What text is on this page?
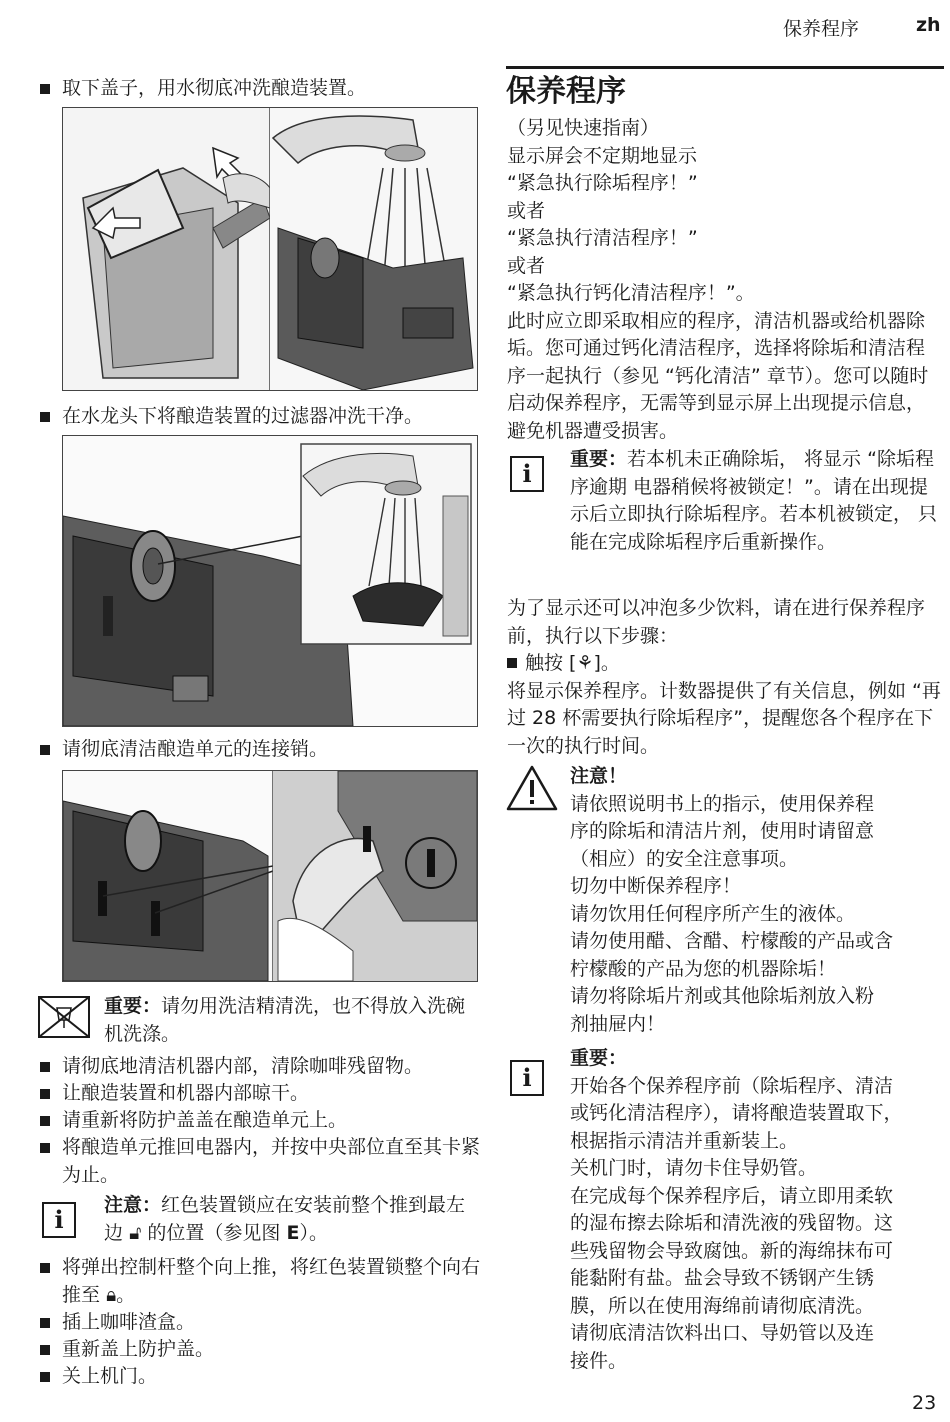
保养程序	zh
取下盖子，用水彻底冲洗酿造装置。
在水龙头下将酿造装置的过滤器冲洗干净。
请彻底清洁酿造单元的连接销。
重要：请勿用洗洁精清洗，也不得放入洗碗机洗涤。
请彻底地清洁机器内部，清除咖啡残留物。
让酿造装置和机器内部晾干。
请重新将防护盖盖在酿造单元上。
将酿造单元推回电器内，并按中央部位直至其卡紧为止。
i	注意：红色装置锁应在安装前整个推到最左边 🔓︎ 的位置（参见图 E）。
将弹出控制杆整个向上推，将红色装置锁整个向右推至 🔒︎。
插上咖啡渣盒。
重新盖上防护盖。
关上机门。
保养程序
（另见快速指南）
显示屏会不定期地显示
“紧急执行除垢程序！”
或者
“紧急执行清洁程序！”
或者
“紧急执行钙化清洁程序！”。
此时应立即采取相应的程序，清洁机器或给机器除垢。您可通过钙化清洁程序，选择将除垢和清洁程序一起执行（参见 “钙化清洁” 章节）。您可以随时启动保养程序，无需等到显示屏上出现提示信息，避免机器遭受损害。
i	重要：若本机未正确除垢， 将显示 “除垢程序逾期 电器稍候将被锁定！”。请在出现提示后立即执行除垢程序。若本机被锁定， 只能在完成除垢程序后重新操作。
为了显示还可以冲泡多少饮料，请在进行保养程序前，执行以下步骤：
触按 [⚘]。
将显示保养程序。计数器提供了有关信息，例如 “再过 28 杯需要执行除垢程序”，提醒您各个程序在下一次的执行时间。
注意！
请依照说明书上的指示，使用保养程
序的除垢和清洁片剂，使用时请留意
（相应）的安全注意事项。
切勿中断保养程序！
请勿饮用任何程序所产生的液体。
请勿使用醋、含醋、柠檬酸的产品或含
柠檬酸的产品为您的机器除垢！
请勿将除垢片剂或其他除垢剂放入粉
剂抽屉内！
i
重要：
开始各个保养程序前（除垢程序、清洁
或钙化清洁程序），请将酿造装置取下，
根据指示清洁并重新装上。
关机门时，请勿卡住导奶管。
在完成每个保养程序后，请立即用柔软
的湿布擦去除垢和清洗液的残留物。这
些残留物会导致腐蚀。新的海绵抹布可
能黏附有盐。盐会导致不锈钢产生锈
膜，所以在使用海绵前请彻底清洗。
请彻底清洁饮料出口、导奶管以及连
接件。
23
